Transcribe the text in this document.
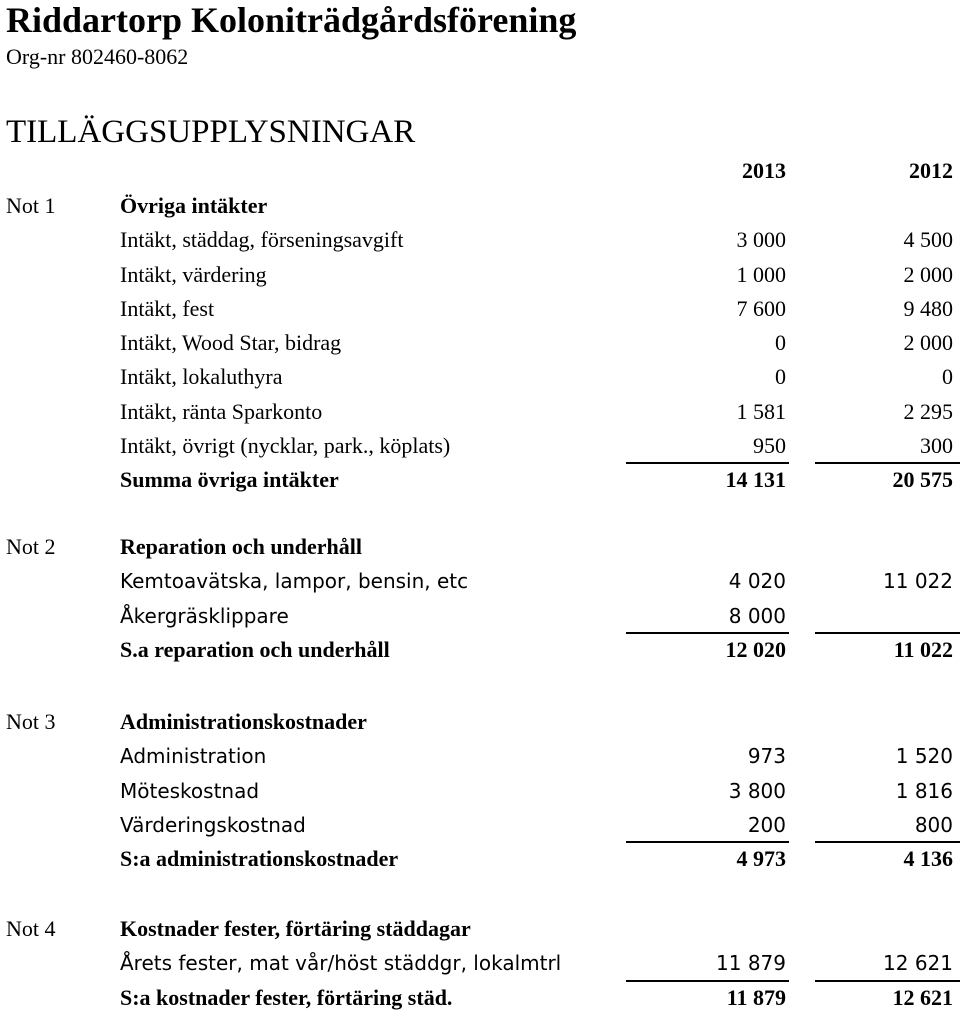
Riddartorp Koloniträdgårdsförening
Org-nr 802460-8062
TILLÄGGSUPPLYSNINGAR
2013	2012
Not 1	Övriga intäkter
Intäkt, städdag, förseningsavgift	3 000	4 500
Intäkt, värdering	1 000	2 000
Intäkt, fest	7 600	9 480
Intäkt, Wood Star, bidrag	0	2 000
Intäkt, lokaluthyra	0	0
Intäkt, ränta Sparkonto	1 581	2 295
Intäkt, övrigt (nycklar, park., köplats)	950	300
Summa övriga intäkter	14 131	20 575
Not 2	Reparation och underhåll
Kemtoavätska, lampor, bensin, etc	4 020	11 022
Åkergräsklippare	8 000
S.a reparation och underhåll	12 020	11 022
Not 3	Administrationskostnader
Administration	973	1 520
Möteskostnad	3 800	1 816
Värderingskostnad	200	800
S:a administrationskostnader	4 973	4 136
Not 4	Kostnader fester, förtäring städdagar
Årets fester, mat vår/höst städdgr, lokalmtrl	11 879	12 621
S:a kostnader fester, förtäring städ.	11 879	12 621
